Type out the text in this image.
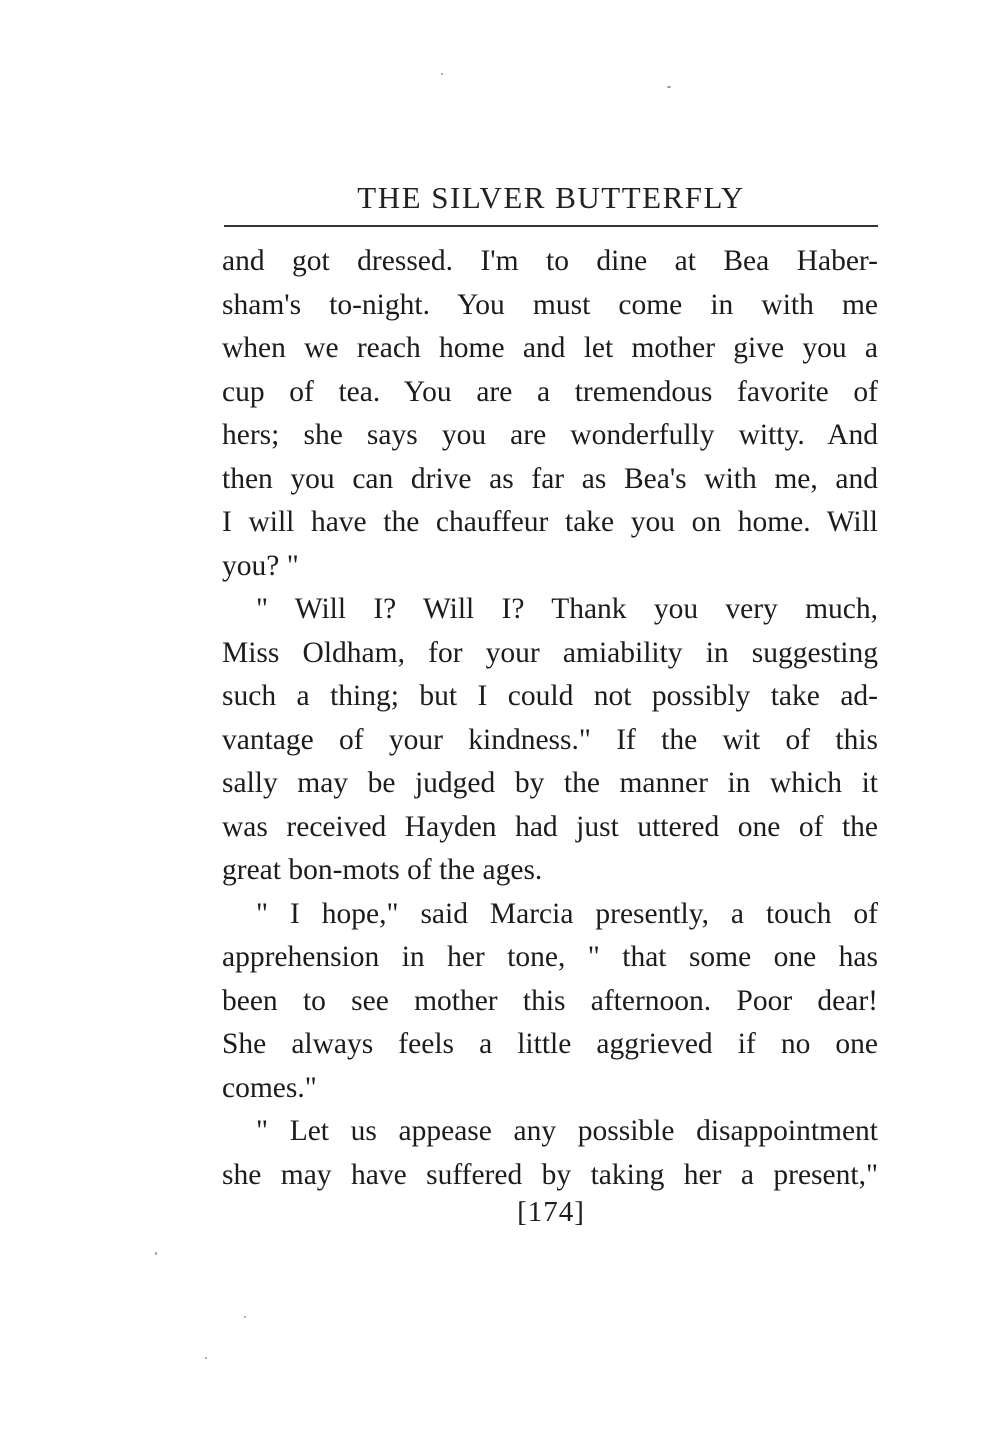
THE SILVER BUTTERFLY
and got dressed. I'm to dine at Bea Haber-
sham's to-night. You must come in with me
when we reach home and let mother give you a
cup of tea. You are a tremendous favorite of
hers; she says you are wonderfully witty. And
then you can drive as far as Bea's with me, and
I will have the chauffeur take you on home. Will
you? "
" Will I? Will I? Thank you very much,
Miss Oldham, for your amiability in suggesting
such a thing; but I could not possibly take ad-
vantage of your kindness." If the wit of this
sally may be judged by the manner in which it
was received Hayden had just uttered one of the
great bon-mots of the ages.
" I hope," said Marcia presently, a touch of
apprehension in her tone, " that some one has
been to see mother this afternoon. Poor dear!
She always feels a little aggrieved if no one
comes."
" Let us appease any possible disappointment
she may have suffered by taking her a present,"
[174]
